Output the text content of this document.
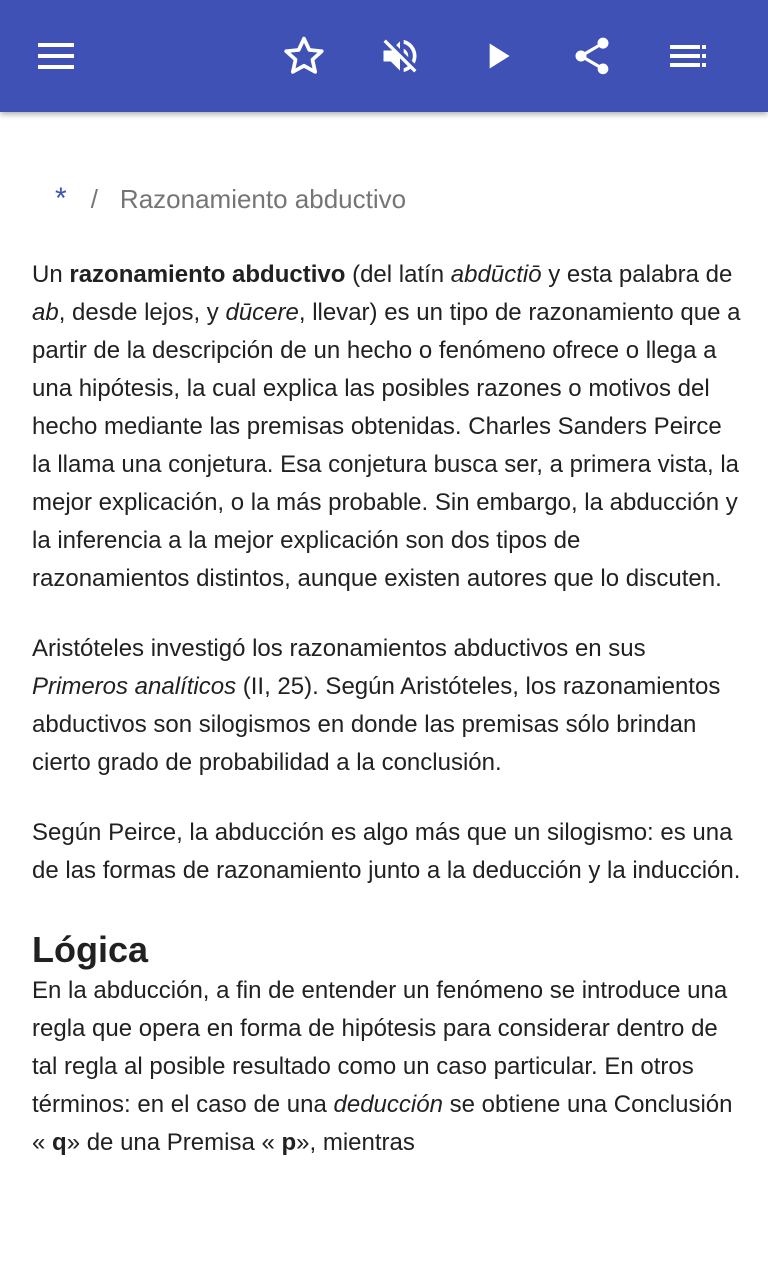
* / Razonamiento abductivo

Un razonamiento abductivo (del latín abdūctiō y esta palabra de ab, desde lejos, y dūcere, llevar) es un tipo de razonamiento que a partir de la descripción de un hecho o fenómeno ofrece o llega a una hipótesis, la cual explica las posibles razones o motivos del hecho mediante las premisas obtenidas. Charles Sanders Peirce la llama una conjetura. Esa conjetura busca ser, a primera vista, la mejor explicación, o la más probable. Sin embargo, la abducción y la inferencia a la mejor explicación son dos tipos de razonamientos distintos, aunque existen autores que lo discuten.

Aristóteles investigó los razonamientos abductivos en sus Primeros analíticos (II, 25). Según Aristóteles, los razonamientos abductivos son silogismos en donde las premisas sólo brindan cierto grado de probabilidad a la conclusión.

Según Peirce, la abducción es algo más que un silogismo: es una de las formas de razonamiento junto a la deducción y la inducción.

Lógica

En la abducción, a fin de entender un fenómeno se introduce una regla que opera en forma de hipótesis para considerar dentro de tal regla al posible resultado como un caso particular. En otros términos: en el caso de una deducción se obtiene una Conclusión « q» de una Premisa « p», mientras
